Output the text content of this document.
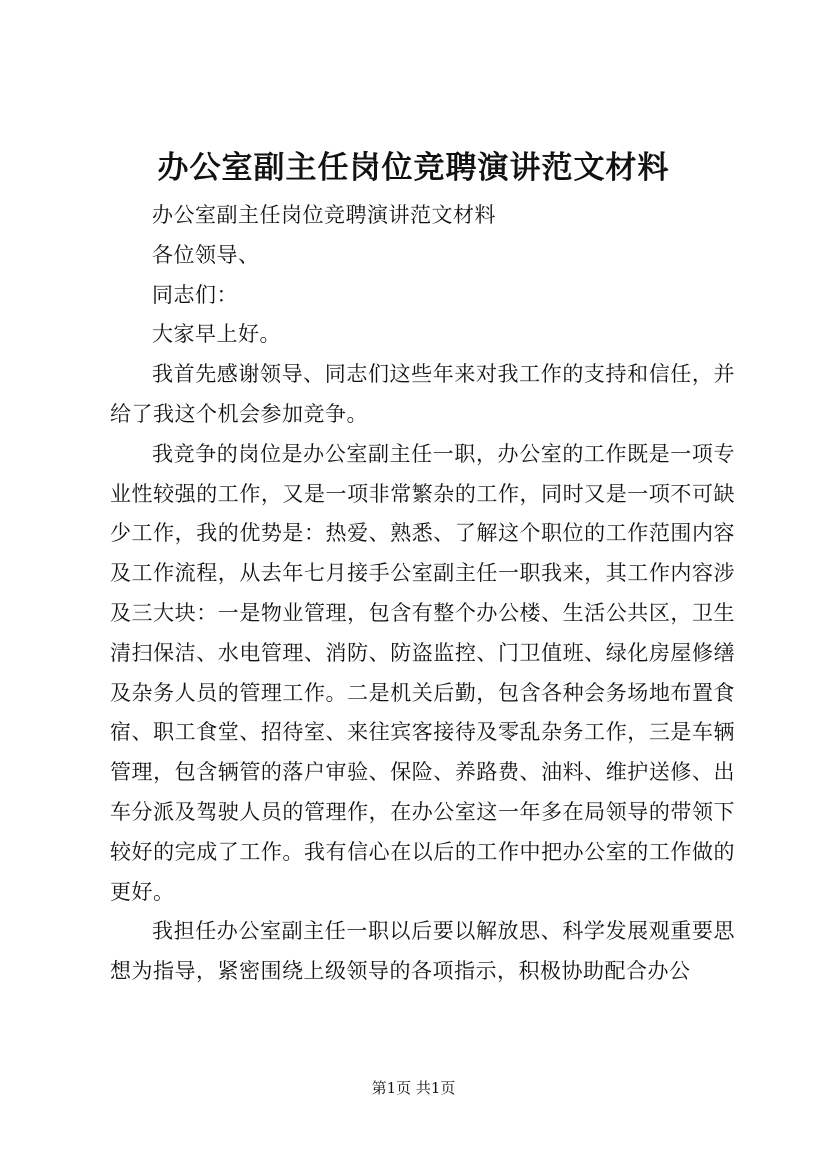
办公室副主任岗位竞聘演讲范文材料

办公室副主任岗位竞聘演讲范文材料

各位领导、

同志们：

大家早上好。

我首先感谢领导、同志们这些年来对我工作的支持和信任，并给了我这个机会参加竞争。

我竞争的岗位是办公室副主任一职，办公室的工作既是一项专业性较强的工作，又是一项非常繁杂的工作，同时又是一项不可缺少工作，我的优势是：热爱、熟悉、了解这个职位的工作范围内容及工作流程，从去年七月接手公室副主任一职我来，其工作内容涉及三大块：一是物业管理，包含有整个办公楼、生活公共区，卫生清扫保洁、水电管理、消防、防盗监控、门卫值班、绿化房屋修缮及杂务人员的管理工作。二是机关后勤，包含各种会务场地布置食宿、职工食堂、招待室、来往宾客接待及零乱杂务工作，三是车辆管理，包含辆管的落户审验、保险、养路费、油料、维护送修、出车分派及驾驶人员的管理作，在办公室这一年多在局领导的带领下较好的完成了工作。我有信心在以后的工作中把办公室的工作做的更好。

我担任办公室副主任一职以后要以解放思、科学发展观重要思想为指导，紧密围绕上级领导的各项指示，积极协助配合办公

第1页 共1页
